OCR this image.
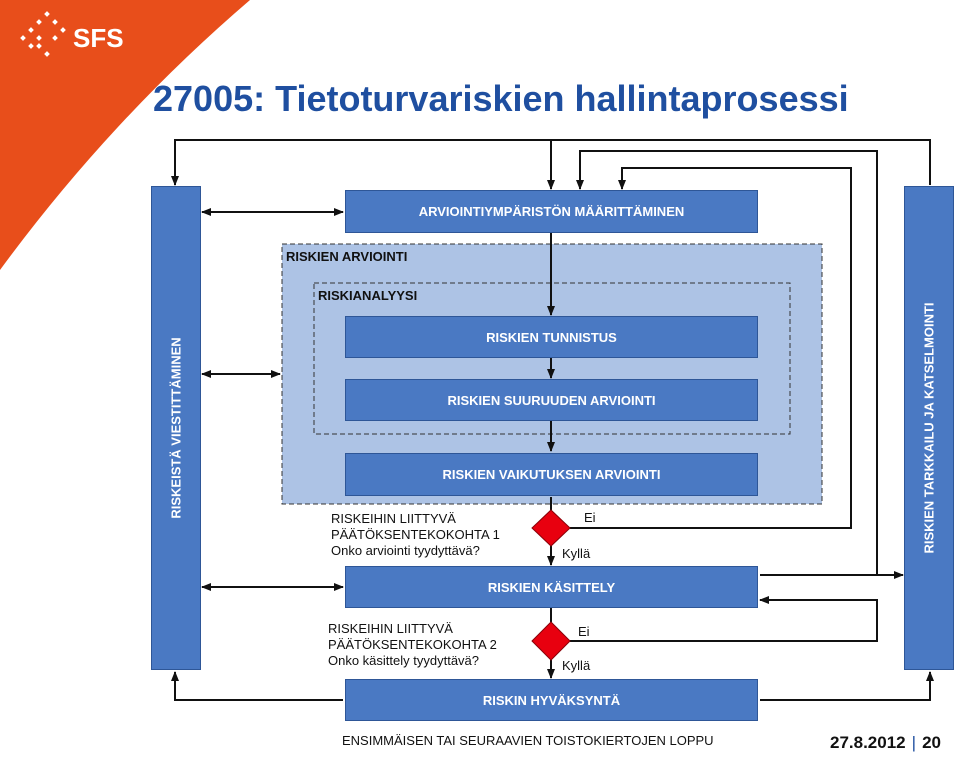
SFS
27005: Tietoturvariskien hallintaprosessi
RISKEISTÄ VIESTITTÄMINEN	RISKIEN TARKKAILU JA KATSELMOINTI
RISKIEN ARVIOINTI
RISKIANALYYSI
ARVIOINTIYMPÄRISTÖN MÄÄRITTÄMINEN
RISKIEN TUNNISTUS
RISKIEN SUURUUDEN ARVIOINTI
RISKIEN VAIKUTUKSEN ARVIOINTI
RISKIEN KÄSITTELY
RISKIN HYVÄKSYNTÄ
RISKEIHIN LIITTYVÄ
PÄÄTÖKSENTEKOKOHTA 1
Onko arviointi tyydyttävä?
Ei
Kyllä
RISKEIHIN LIITTYVÄ
PÄÄTÖKSENTEKOKOHTA 2
Onko käsittely tyydyttävä?
Ei
Kyllä
ENSIMMÄISEN TAI SEURAAVIEN TOISTOKIERTOJEN LOPPU	27.8.2012 | 20
